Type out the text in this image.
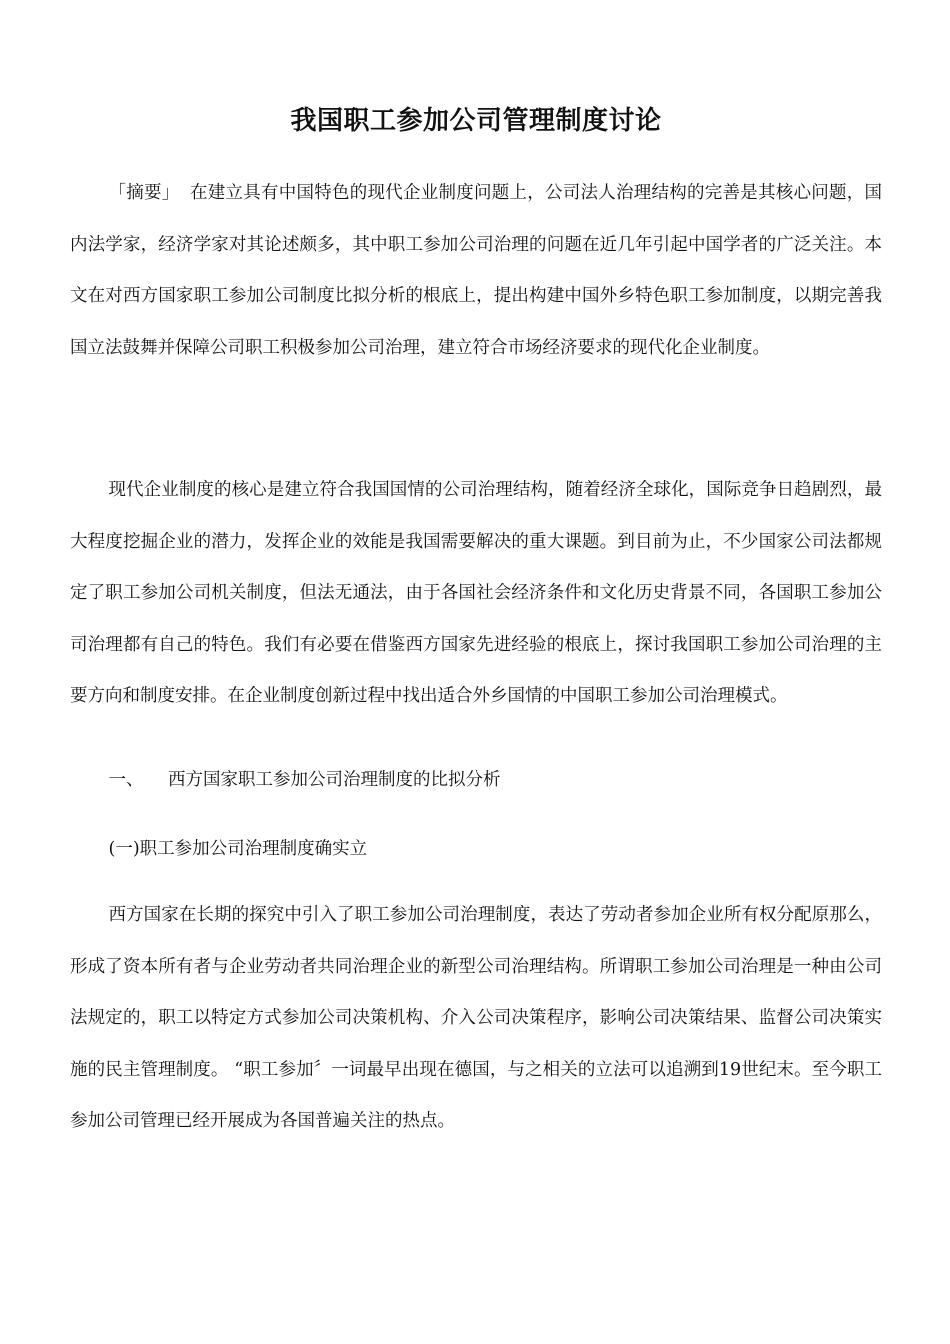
我国职工参加公司管理制度讨论

「摘要」 在建立具有中国特色的现代企业制度问题上，公司法人治理结构的完善是其核心问题，国内法学家，经济学家对其论述颇多，其中职工参加公司治理的问题在近几年引起中国学者的广泛关注。本文在对西方国家职工参加公司制度比拟分析的根底上，提出构建中国外乡特色职工参加制度，以期完善我国立法鼓舞并保障公司职工积极参加公司治理，建立符合市场经济要求的现代化企业制度。

现代企业制度的核心是建立符合我国国情的公司治理结构，随着经济全球化，国际竞争日趋剧烈，最大程度挖掘企业的潜力，发挥企业的效能是我国需要解决的重大课题。到目前为止，不少国家公司法都规定了职工参加公司机关制度，但法无通法，由于各国社会经济条件和文化历史背景不同，各国职工参加公司治理都有自己的特色。我们有必要在借鉴西方国家先进经验的根底上，探讨我国职工参加公司治理的主要方向和制度安排。在企业制度创新过程中找出适合外乡国情的中国职工参加公司治理模式。

一、 西方国家职工参加公司治理制度的比拟分析

(一)职工参加公司治理制度确实立

西方国家在长期的探究中引入了职工参加公司治理制度，表达了劳动者参加企业所有权分配原那么，形成了资本所有者与企业劳动者共同治理企业的新型公司治理结构。所谓职工参加公司治理是一种由公司法规定的，职工以特定方式参加公司决策机构、介入公司决策程序，影响公司决策结果、监督公司决策实施的民主管理制度。 “职工参加〞一词最早出现在德国，与之相关的立法可以追溯到19世纪末。至今职工参加公司管理已经开展成为各国普遍关注的热点。
